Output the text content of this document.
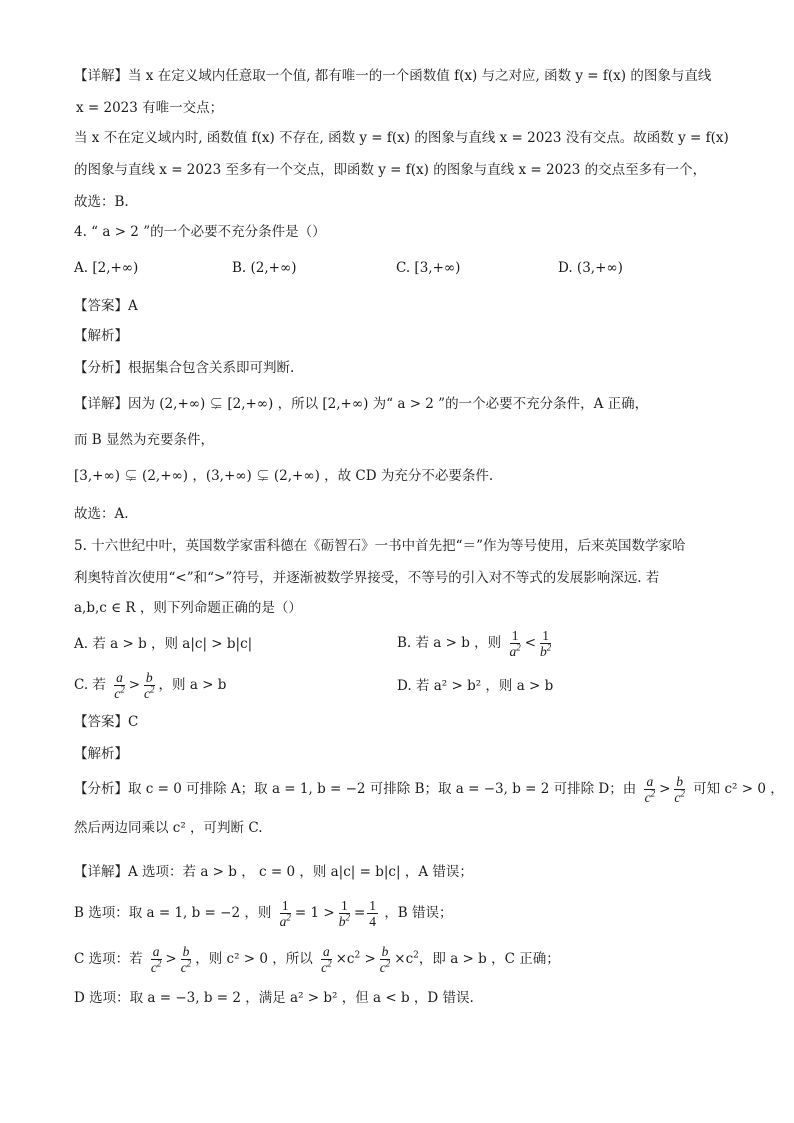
【详解】当 x 在定义域内任意取一个值, 都有唯一的一个函数值 f(x) 与之对应, 函数 y = f(x) 的图象与直线
x = 2023 有唯一交点；
当 x 不在定义域内时, 函数值 f(x) 不存在, 函数 y = f(x) 的图象与直线 x = 2023 没有交点。故函数 y = f(x)
的图象与直线 x = 2023 至多有一个交点，即函数 y = f(x) 的图象与直线 x = 2023 的交点至多有一个，
故选：B.
4. “ a > 2 ”的一个必要不充分条件是（）
A. [2,+∞)	B. (2,+∞)	C. [3,+∞)	D. (3,+∞)
【答案】A
【解析】
【分析】根据集合包含关系即可判断.
【详解】因为 (2,+∞) ⊊ [2,+∞) ，所以 [2,+∞) 为“ a > 2 ”的一个必要不充分条件，A 正确，
而 B 显然为充要条件，
[3,+∞) ⊊ (2,+∞) ，(3,+∞) ⊊ (2,+∞) ，故 CD 为充分不必要条件.
故选：A.
5. 十六世纪中叶，英国数学家雷科德在《砺智石》一书中首先把“＝”作为等号使用，后来英国数学家哈
利奥特首次使用“<”和“>”符号，并逐渐被数学界接受，不等号的引入对不等式的发展影响深远. 若
a,b,c ∈ R ，则下列命题正确的是（）
A. 若 a > b ，则 a|c| > b|c|	B. 若 a > b ，则 $\frac{1}{a^2} < \frac{1}{b^2}$
C. 若 $\frac{a}{c^2} > \frac{b}{c^2}$ ，则 a > b	D. 若 a² > b² ，则 a > b
【答案】C
【解析】
【分析】取 c = 0 可排除 A；取 a = 1, b = −2 可排除 B；取 a = −3, b = 2 可排除 D；由 $\frac{a}{c^2} > \frac{b}{c^2}$ 可知 c² > 0 ，
然后两边同乘以 c² ，可判断 C.
【详解】A 选项：若 a > b ， c = 0 ，则 a|c| = b|c| ，A 错误；
B 选项：取 a = 1, b = −2 ，则 $\frac{1}{a^2} = 1 > \frac{1}{b^2} = \frac{1}{4}$ ，B 错误；
C 选项：若 $\frac{a}{c^2} > \frac{b}{c^2}$ ，则 c² > 0 ，所以 $\frac{a}{c^2} \times c^2 > \frac{b}{c^2} \times c^2$，即 a > b ，C 正确；
D 选项：取 a = −3, b = 2 ，满足 a² > b² ，但 a < b ，D 错误.
